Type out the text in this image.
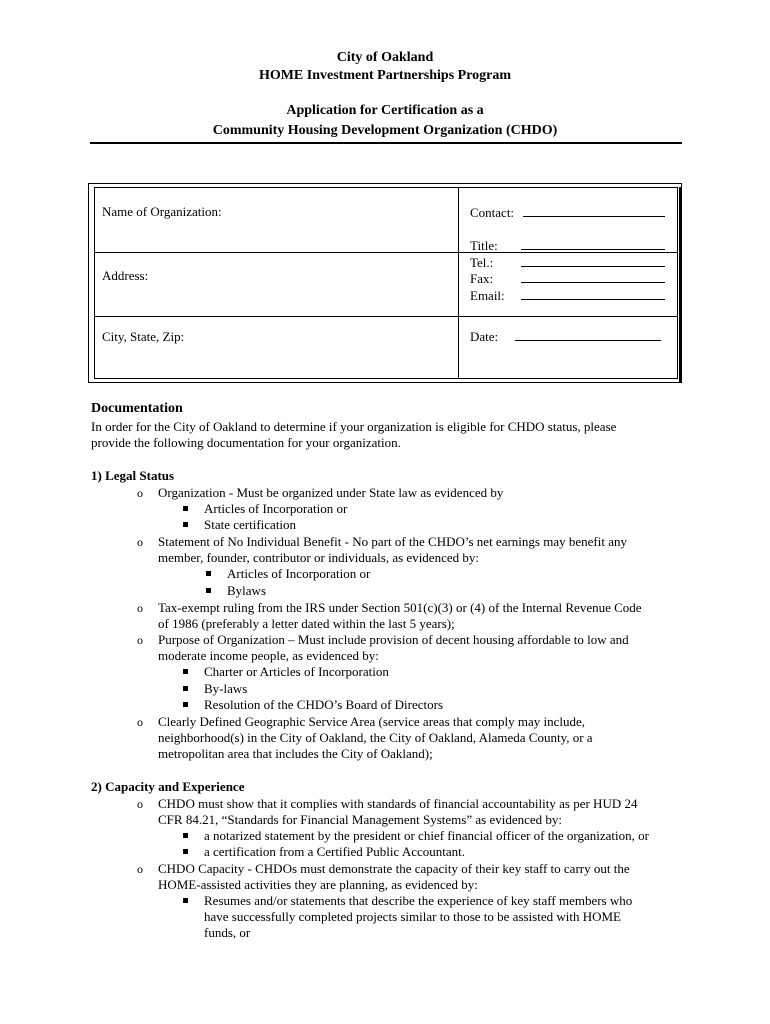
City of Oakland
HOME Investment Partnerships Program
Application for Certification as a
Community Housing Development Organization (CHDO)
Name of Organization:
Address:
City, State, Zip:
Contact:
Title:
Tel.:
Fax:
Email:
Date:
Documentation
In order for the City of Oakland to determine if your organization is eligible for CHDO status, please
provide the following documentation for your organization.
1) Legal Status
o Organization - Must be organized under State law as evidenced by
Articles of Incorporation or
State certification
o Statement of No Individual Benefit - No part of the CHDO’s net earnings may benefit any
member, founder, contributor or individuals, as evidenced by:
Articles of Incorporation or
Bylaws
o Tax-exempt ruling from the IRS under Section 501(c)(3) or (4) of the Internal Revenue Code
of 1986 (preferably a letter dated within the last 5 years);
o Purpose of Organization – Must include provision of decent housing affordable to low and
moderate income people, as evidenced by:
Charter or Articles of Incorporation
By-laws
Resolution of the CHDO’s Board of Directors
o Clearly Defined Geographic Service Area (service areas that comply may include,
neighborhood(s) in the City of Oakland, the City of Oakland, Alameda County, or a
metropolitan area that includes the City of Oakland);
2) Capacity and Experience
o CHDO must show that it complies with standards of financial accountability as per HUD 24
CFR 84.21, “Standards for Financial Management Systems” as evidenced by:
a notarized statement by the president or chief financial officer of the organization, or
a certification from a Certified Public Accountant.
o CHDO Capacity - CHDOs must demonstrate the capacity of their key staff to carry out the
HOME-assisted activities they are planning, as evidenced by:
Resumes and/or statements that describe the experience of key staff members who
have successfully completed projects similar to those to be assisted with HOME
funds, or
